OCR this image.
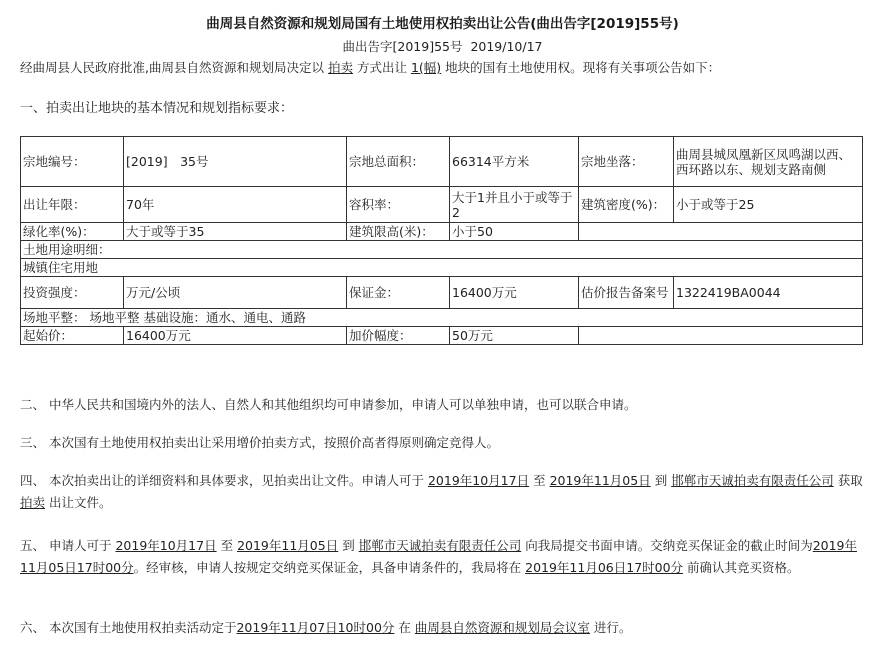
曲周县自然资源和规划局国有土地使用权拍卖出让公告(曲出告字[2019]55号)
曲出告字[2019]55号 2019/10/17
经曲周县人民政府批准,曲周县自然资源和规划局决定以 拍卖 方式出让 1(幅) 地块的国有土地使用权。现将有关事项公告如下：
一、拍卖出让地块的基本情况和规划指标要求：
宗地编号：	[2019]　35号	宗地总面积：	66314平方米	宗地坐落：	曲周县城凤凰新区凤鸣湖以西、西环路以东、规划支路南侧
出让年限：	70年	容积率：	大于1并且小于或等于2	建筑密度(%)：	小于或等于25
绿化率(%)：	大于或等于35	建筑限高(米)：	小于50		
土地用途明细：					
城镇住宅用地					
投资强度：	万元/公顷	保证金：	16400万元	估价报告备案号	1322419BA0044
场地平整： 场地平整 基础设施：通水、通电、通路					
起始价：	16400万元	加价幅度：	50万元		
二、 中华人民共和国境内外的法人、自然人和其他组织均可申请参加，申请人可以单独申请，也可以联合申请。
三、 本次国有土地使用权拍卖出让采用增价拍卖方式，按照价高者得原则确定竞得人。
四、 本次拍卖出让的详细资料和具体要求，见拍卖出让文件。申请人可于 2019年10月17日 至 2019年11月05日 到 邯郸市天诚拍卖有限责任公司 获取 拍卖 出让文件。
五、 申请人可于 2019年10月17日 至 2019年11月05日 到 邯郸市天诚拍卖有限责任公司 向我局提交书面申请。交纳竞买保证金的截止时间为2019年11月05日17时00分。经审核，申请人按规定交纳竞买保证金，具备申请条件的，我局将在 2019年11月06日17时00分 前确认其竞买资格。
六、 本次国有土地使用权拍卖活动定于2019年11月07日10时00分 在 曲周县自然资源和规划局会议室 进行。
